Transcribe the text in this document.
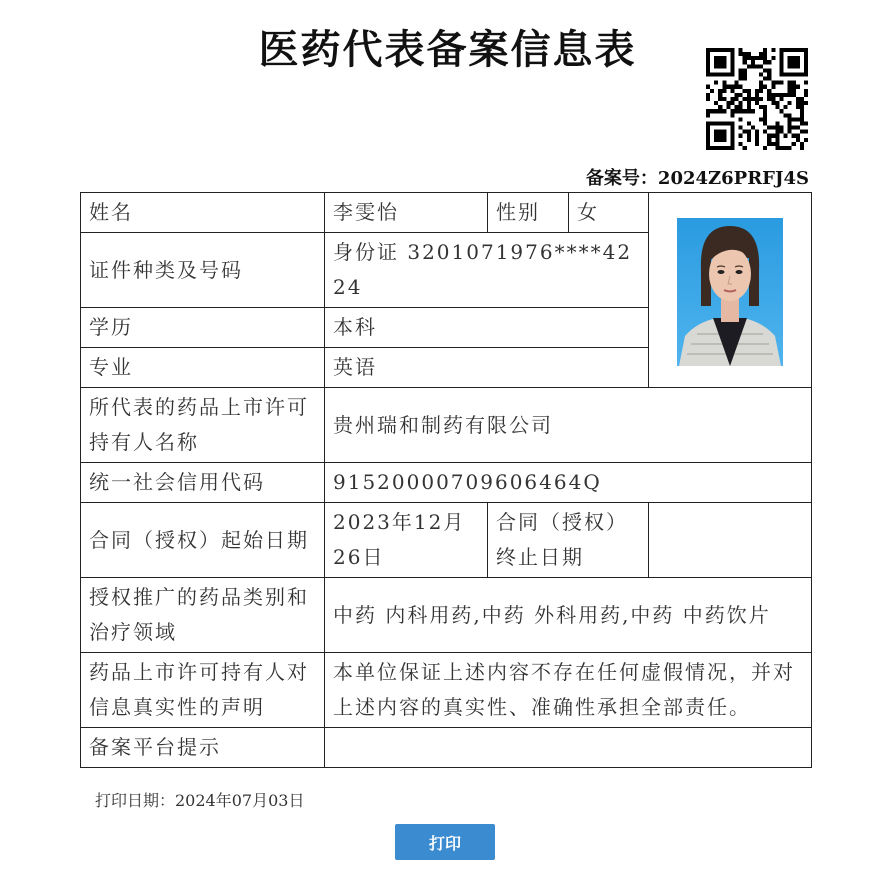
医药代表备案信息表
备案号：2024Z6PRFJ4S
姓名	李雯怡	性别	女	

证件种类及号码	身份证 3201071976****4224			
学历	本科			
专业	英语			
所代表的药品上市许可持有人名称	贵州瑞和制药有限公司			
统一社会信用代码	91520000709606464Q			
合同（授权）起始日期	2023年12月26日	合同（授权）终止日期		
授权推广的药品类别和治疗领域	中药 内科用药,中药 外科用药,中药 中药饮片			
药品上市许可持有人对信息真实性的声明	本单位保证上述内容不存在任何虚假情况，并对上述内容的真实性、准确性承担全部责任。			
备案平台提示				
打印日期：2024年07月03日
打印
